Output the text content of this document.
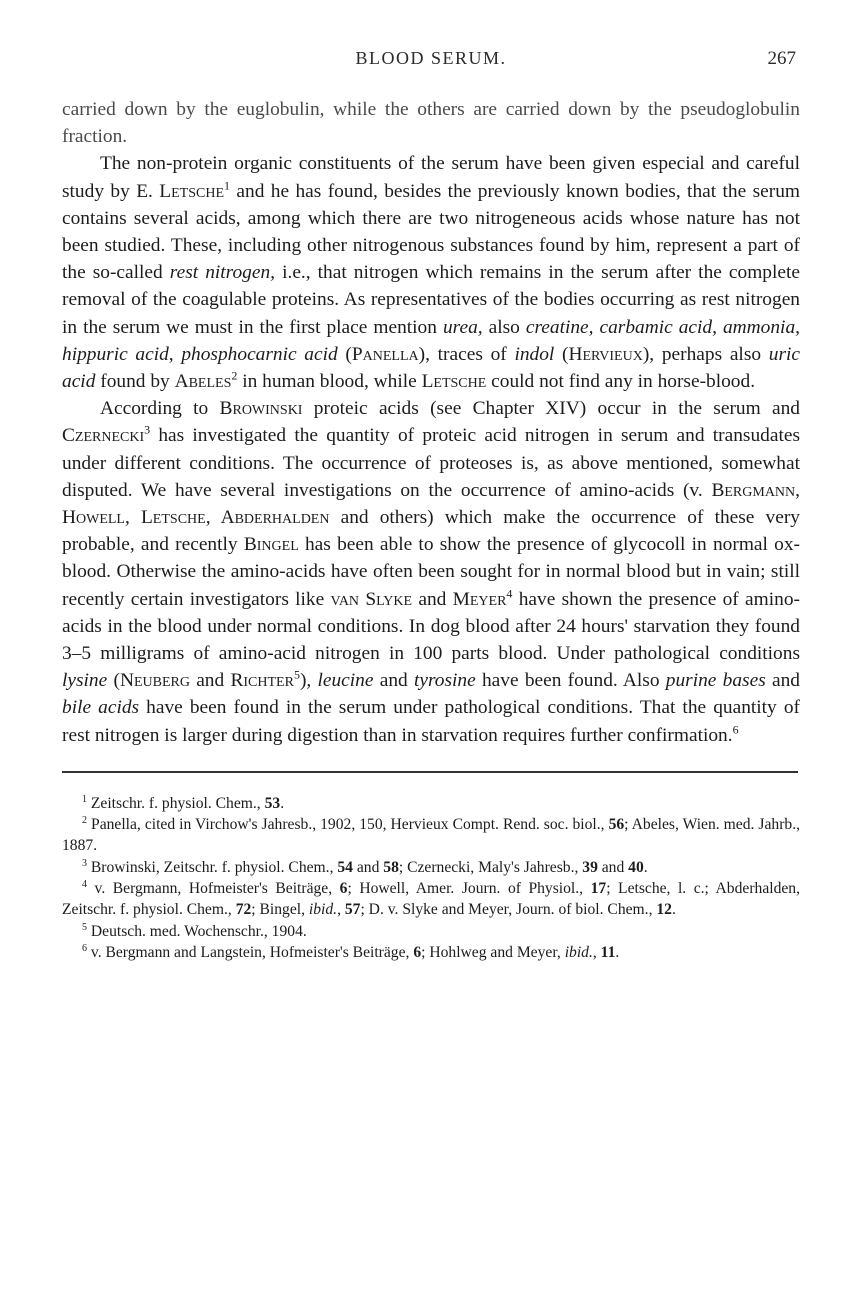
BLOOD SERUM.	267

carried down by the euglobulin, while the others are carried down by the pseudoglobulin fraction.

The non-protein organic constituents of the serum have been given especial and careful study by E. Letsche$^1$ and he has found, besides the previously known bodies, that the serum contains several acids, among which there are two nitrogeneous acids whose nature has not been studied. These, including other nitrogenous substances found by him, represent a part of the so-called rest nitrogen, i.e., that nitrogen which remains in the serum after the complete removal of the coagulable proteins. As representatives of the bodies occurring as rest nitrogen in the serum we must in the first place mention urea, also creatine, carbamic acid, ammonia, hippuric acid, phosphocarnic acid (Panella), traces of indol (Hervieux), perhaps also uric acid found by Abeles$^2$ in human blood, while Letsche could not find any in horse-blood.

According to Browinski proteic acids (see Chapter XIV) occur in the serum and Czernecki$^3$ has investigated the quantity of proteic acid nitrogen in serum and transudates under different conditions. The occurrence of proteoses is, as above mentioned, somewhat disputed. We have several investigations on the occurrence of amino-acids (v. Bergmann, Howell, Letsche, Abderhalden and others) which make the occurrence of these very probable, and recently Bingel has been able to show the presence of glycocoll in normal ox-blood. Otherwise the amino-acids have often been sought for in normal blood but in vain; still recently certain investigators like van Slyke and Meyer$^4$ have shown the presence of amino-acids in the blood under normal conditions. In dog blood after 24 hours' starvation they found 3–5 milligrams of amino-acid nitrogen in 100 parts blood. Under pathological conditions lysine (Neuberg and Richter$^5$), leucine and tyrosine have been found. Also purine bases and bile acids have been found in the serum under pathological conditions. That the quantity of rest nitrogen is larger during digestion than in starvation requires further confirmation.$^6$

$^1$ Zeitschr. f. physiol. Chem., 53.

$^2$ Panella, cited in Virchow's Jahresb., 1902, 150, Hervieux Compt. Rend. soc. biol., 56; Abeles, Wien. med. Jahrb., 1887.

$^3$ Browinski, Zeitschr. f. physiol. Chem., 54 and 58; Czernecki, Maly's Jahresb., 39 and 40.

$^4$ v. Bergmann, Hofmeister's Beiträge, 6; Howell, Amer. Journ. of Physiol., 17; Letsche, l. c.; Abderhalden, Zeitschr. f. physiol. Chem., 72; Bingel, ibid., 57; D. v. Slyke and Meyer, Journ. of biol. Chem., 12.

$^5$ Deutsch. med. Wochenschr., 1904.

$^6$ v. Bergmann and Langstein, Hofmeister's Beiträge, 6; Hohlweg and Meyer, ibid., 11.
